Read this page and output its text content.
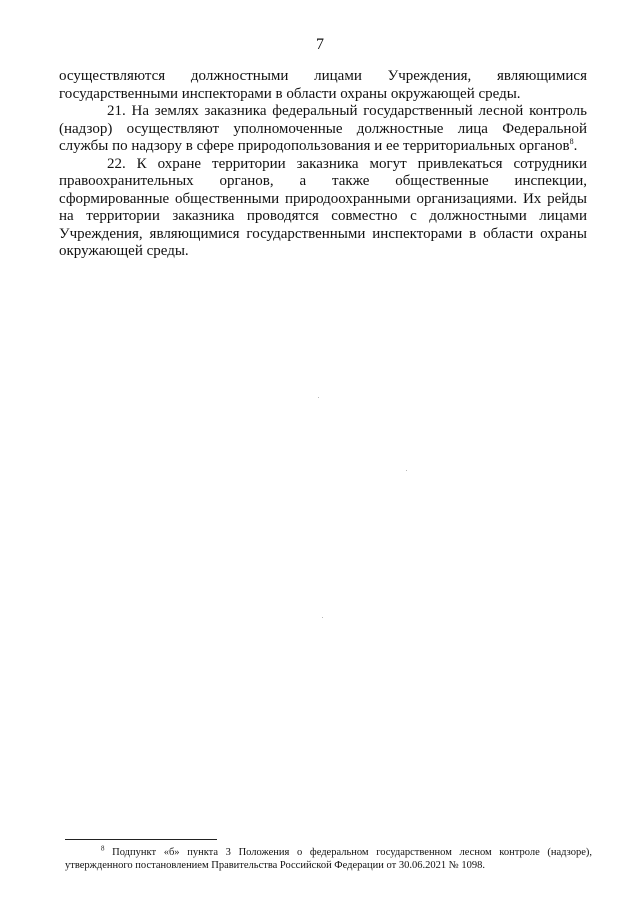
7

осуществляются должностными лицами Учреждения, являющимися государственными инспекторами в области охраны окружающей среды.

21. На землях заказника федеральный государственный лесной контроль (надзор) осуществляют уполномоченные должностные лица Федеральной службы по надзору в сфере природопользования и ее территориальных органов$^8$.

22. К охране территории заказника могут привлекаться сотрудники правоохранительных органов, а также общественные инспекции, сформированные общественными природоохранными организациями. Их рейды на территории заказника проводятся совместно с должностными лицами Учреждения, являющимися государственными инспекторами в области охраны окружающей среды.

$^8$ Подпункт «б» пункта 3 Положения о федеральном государственном лесном контроле (надзоре), утвержденного постановлением Правительства Российской Федерации от 30.06.2021 № 1098.
